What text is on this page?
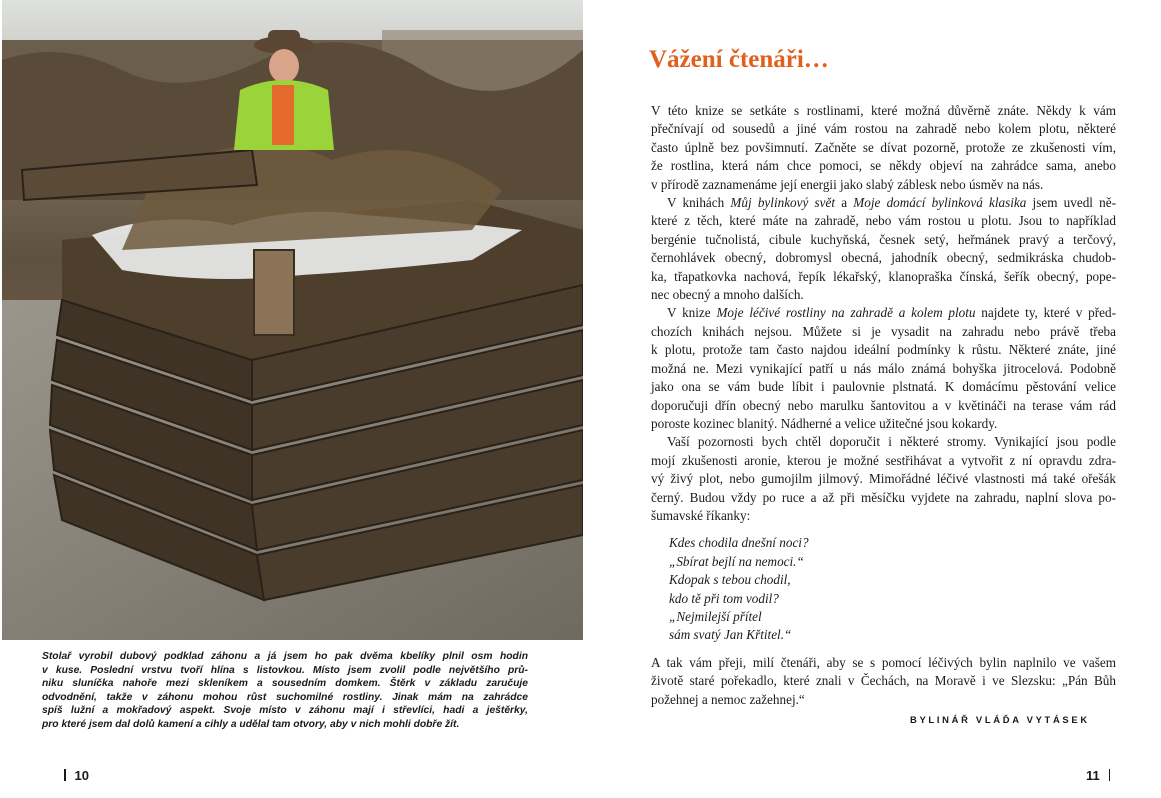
Stolař vyrobil dubový podklad záhonu a já jsem ho pak dvěma kbelíky plnil osm hodin
v kuse. Poslední vrstvu tvoří hlína s listovkou. Místo jsem zvolil podle největšího prů-
niku sluníčka nahoře mezi skleníkem a sousedním domkem. Štěrk v základu zaručuje
odvodnění, takže v záhonu mohou růst suchomilné rostliny. Jinak mám na zahrádce
spíš lužní a mokřadový aspekt. Svoje místo v záhonu mají i střevlíci, hadi a ještěrky,
pro které jsem dal dolů kamení a cihly a udělal tam otvory, aby v nich mohli dobře žít.

10
Vážení čtenáři…

V této knize se setkáte s rostlinami, které možná důvěrně znáte. Někdy k vám
přečnívají od sousedů a jiné vám rostou na zahradě nebo kolem plotu, některé
často úplně bez povšimnutí. Začněte se dívat pozorně, protože ze zkušenosti vím,
že rostlina, která nám chce pomoci, se někdy objeví na zahrádce sama, anebo
v přírodě zaznamenáme její energii jako slabý záblesk nebo úsměv na nás.

V knihách Můj bylinkový svět a Moje domácí bylinková klasika jsem uvedl ně-
které z těch, které máte na zahradě, nebo vám rostou u plotu. Jsou to například
bergénie tučnolistá, cibule kuchyňská, česnek setý, heřmánek pravý a terčový,
černohlávek obecný, dobromysl obecná, jahodník obecný, sedmikráska chudob-
ka, třapatkovka nachová, řepík lékařský, klanopraška čínská, šeřík obecný, pope-
nec obecný a mnoho dalších.

V knize Moje léčivé rostliny na zahradě a kolem plotu najdete ty, které v před-
chozích knihách nejsou. Můžete si je vysadit na zahradu nebo právě třeba
k plotu, protože tam často najdou ideální podmínky k růstu. Některé znáte, jiné
možná ne. Mezi vynikající patří u nás málo známá bohyška jitrocelová. Podobně
jako ona se vám bude líbit i paulovnie plstnatá. K domácímu pěstování velice
doporučuji dřín obecný nebo marulku šantovitou a v květináči na terase vám rád
poroste kozinec blanitý. Nádherné a velice užitečné jsou kokardy.

Vaší pozornosti bych chtěl doporučit i některé stromy. Vynikající jsou podle
mojí zkušenosti aronie, kterou je možné sestřihávat a vytvořit z ní opravdu zdra-
vý živý plot, nebo gumojilm jilmový. Mimořádné léčivé vlastnosti má také ořešák
černý. Budou vždy po ruce a až při měsíčku vyjdete na zahradu, naplní slova po-
šumavské říkanky:

Kdes chodila dnešní noci?
„Sbírat bejlí na nemoci.“
Kdopak s tebou chodil,
kdo tě při tom vodil?
„Nejmilejší přítel
sám svatý Jan Křtitel.“

A tak vám přeji, milí čtenáři, aby se s pomocí léčivých bylin naplnilo ve vašem
životě staré pořekadlo, které znali v Čechách, na Moravě i ve Slezsku: „Pán Bůh
požehnej a nemoc zažehnej.“

BYLINÁŘ VLÁĎA VYTÁSEK

11
